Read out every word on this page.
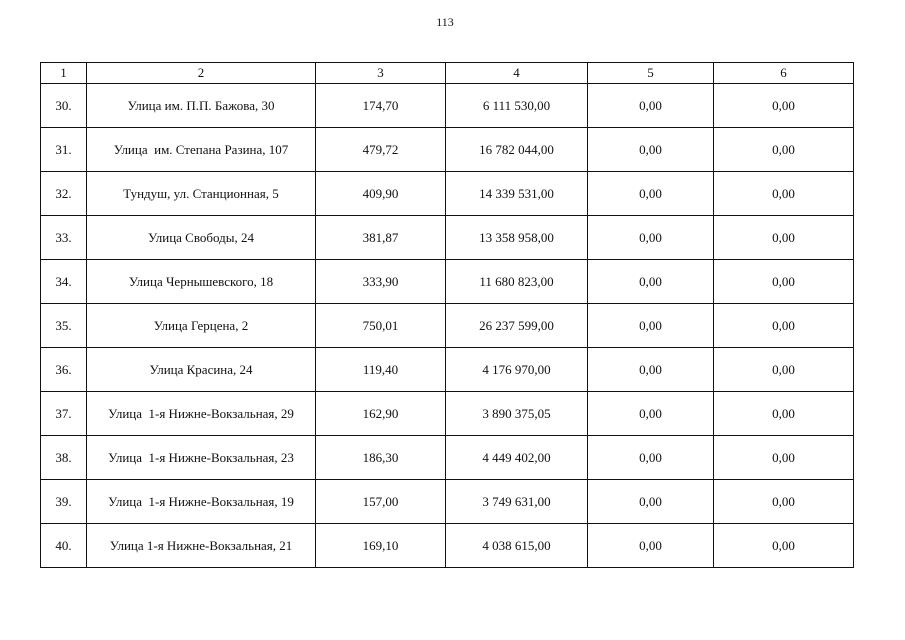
113
1	2	3	4	5	6
30.	Улица им. П.П. Бажова, 30	174,70	6 111 530,00	0,00	0,00
31.	Улица  им. Степана Разина, 107	479,72	16 782 044,00	0,00	0,00
32.	Тундуш, ул. Станционная, 5	409,90	14 339 531,00	0,00	0,00
33.	Улица Свободы, 24	381,87	13 358 958,00	0,00	0,00
34.	Улица Чернышевского, 18	333,90	11 680 823,00	0,00	0,00
35.	Улица Герцена, 2	750,01	26 237 599,00	0,00	0,00
36.	Улица Красина, 24	119,40	4 176 970,00	0,00	0,00
37.	Улица  1-я Нижне-Вокзальная, 29	162,90	3 890 375,05	0,00	0,00
38.	Улица  1-я Нижне-Вокзальная, 23	186,30	4 449 402,00	0,00	0,00
39.	Улица  1-я Нижне-Вокзальная, 19	157,00	3 749 631,00	0,00	0,00
40.	Улица 1-я Нижне-Вокзальная, 21	169,10	4 038 615,00	0,00	0,00
